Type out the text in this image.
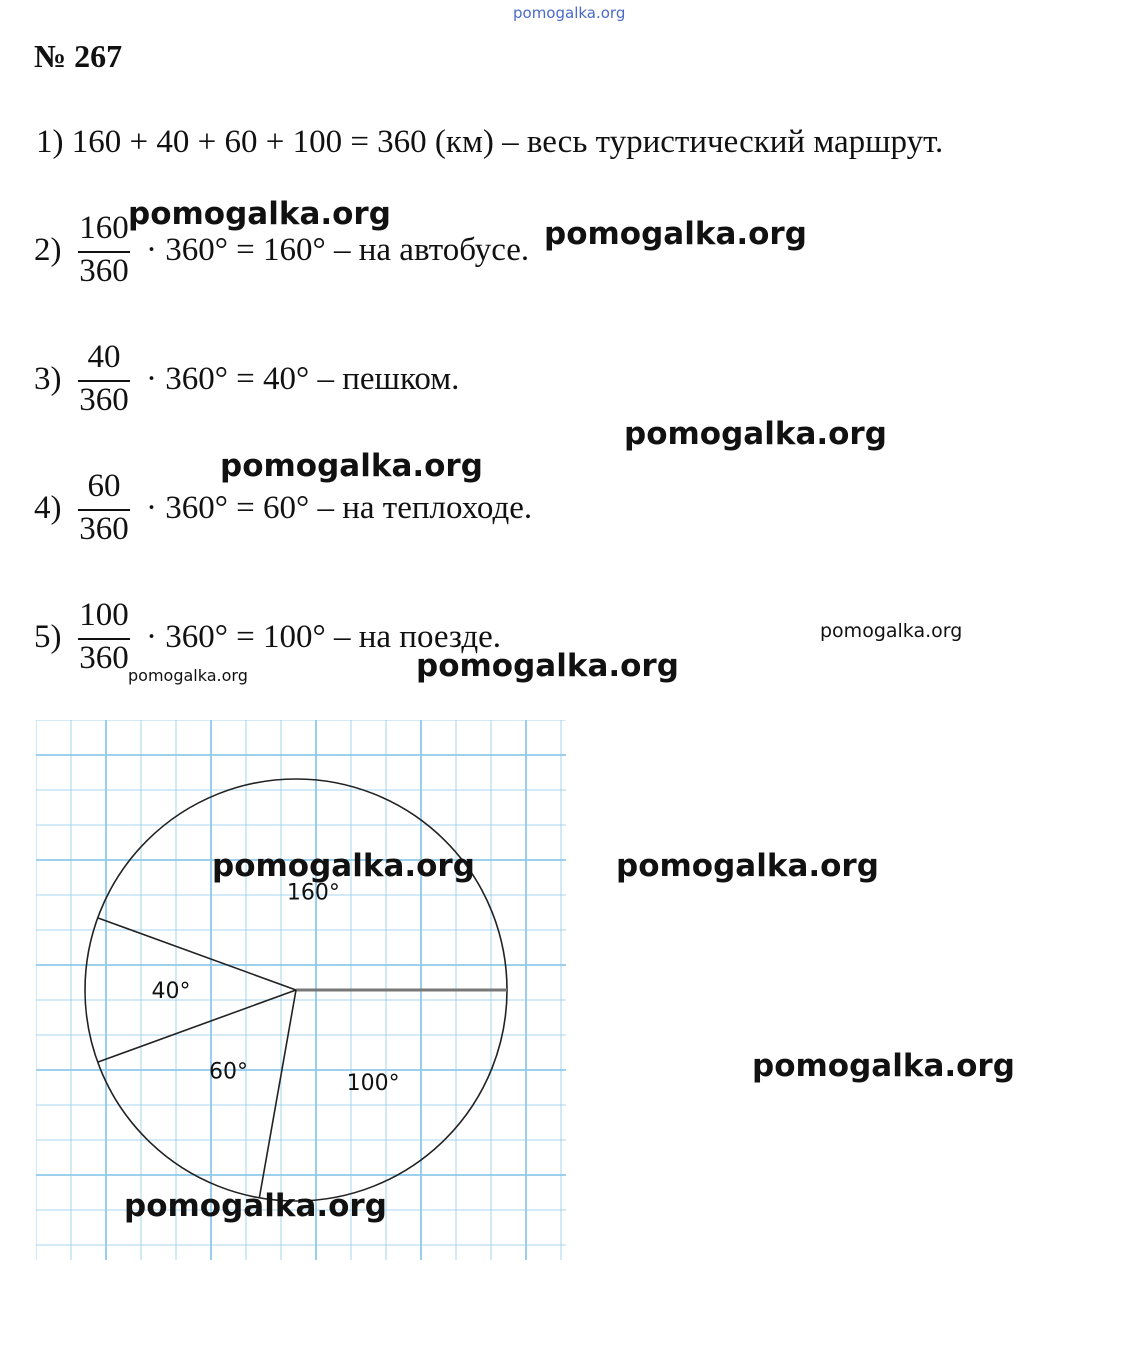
pomogalka.org
№ 267
1) 160 + 40 + 60 + 100 = 360 (км) – весь туристический маршрут.
2)
160
360
· 360° = 160° – на автобусе.
3)
40
360
· 360° = 40° – пешком.
4)
60
360
· 360° = 60° – на теплоходе.
5)
100
360
· 360° = 100° – на поезде.
160°
40°
60°	100°
pomogalka.org
pomogalka.org
pomogalka.org
pomogalka.org
pomogalka.org
pomogalka.org
pomogalka.org
pomogalka.org	pomogalka.org
pomogalka.org
pomogalka.org
